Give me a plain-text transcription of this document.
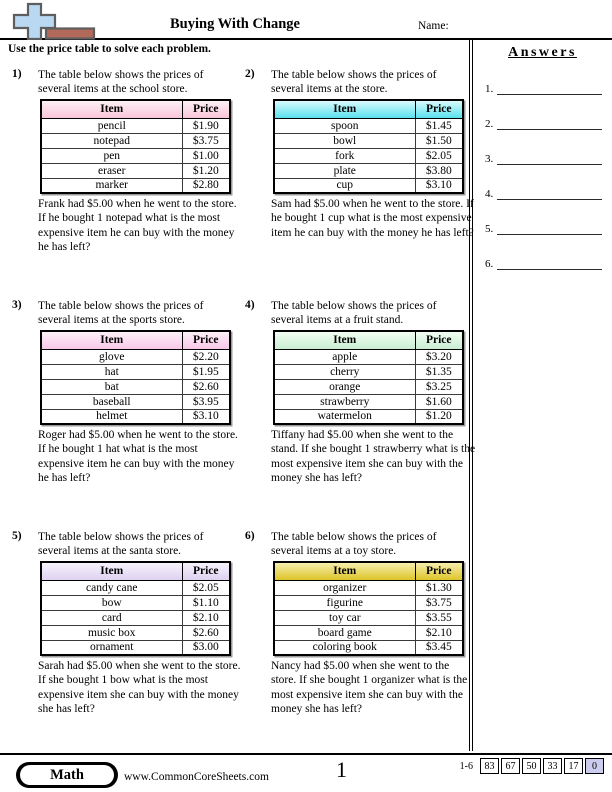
Buying With Change	Name:
Use the price table to solve each problem.
1)	The table below shows the prices of several items at the school store.
Item	Price
pencil	$1.90
notepad	$3.75
pen	$1.00
eraser	$1.20
marker	$2.80
Frank had $5.00 when he went to the store. If he bought 1 notepad what is the most expensive item he can buy with the money he has left?
2)	The table below shows the prices of several items at the store.
Item	Price
spoon	$1.45
bowl	$1.50
fork	$2.05
plate	$3.80
cup	$3.10
Sam had $5.00 when he went to the store. If he bought 1 cup what is the most expensive item he can buy with the money he has left?
3)	The table below shows the prices of several items at the sports store.
Item	Price
glove	$2.20
hat	$1.95
bat	$2.60
baseball	$3.95
helmet	$3.10
Roger had $5.00 when he went to the store. If he bought 1 hat what is the most expensive item he can buy with the money he has left?
4)	The table below shows the prices of several items at a fruit stand.
Item	Price
apple	$3.20
cherry	$1.35
orange	$3.25
strawberry	$1.60
watermelon	$1.20
Tiffany had $5.00 when she went to the stand. If she bought 1 strawberry what is the most expensive item she can buy with the money she has left?
5)	The table below shows the prices of several items at the santa store.
Item	Price
candy cane	$2.05
bow	$1.10
card	$2.10
music box	$2.60
ornament	$3.00
Sarah had $5.00 when she went to the store. If she bought 1 bow what is the most expensive item she can buy with the money she has left?
6)	The table below shows the prices of several items at a toy store.
Item	Price
organizer	$1.30
figurine	$3.75
toy car	$3.55
board game	$2.10
coloring book	$3.45
Nancy had $5.00 when she went to the store. If she bought 1 organizer what is the most expensive item she can buy with the money she has left?
Answers
1.
2.
3.
4.
5.
6.
Math	www.CommonCoreSheets.com	1	1-6	83	67	50	33	17	0
